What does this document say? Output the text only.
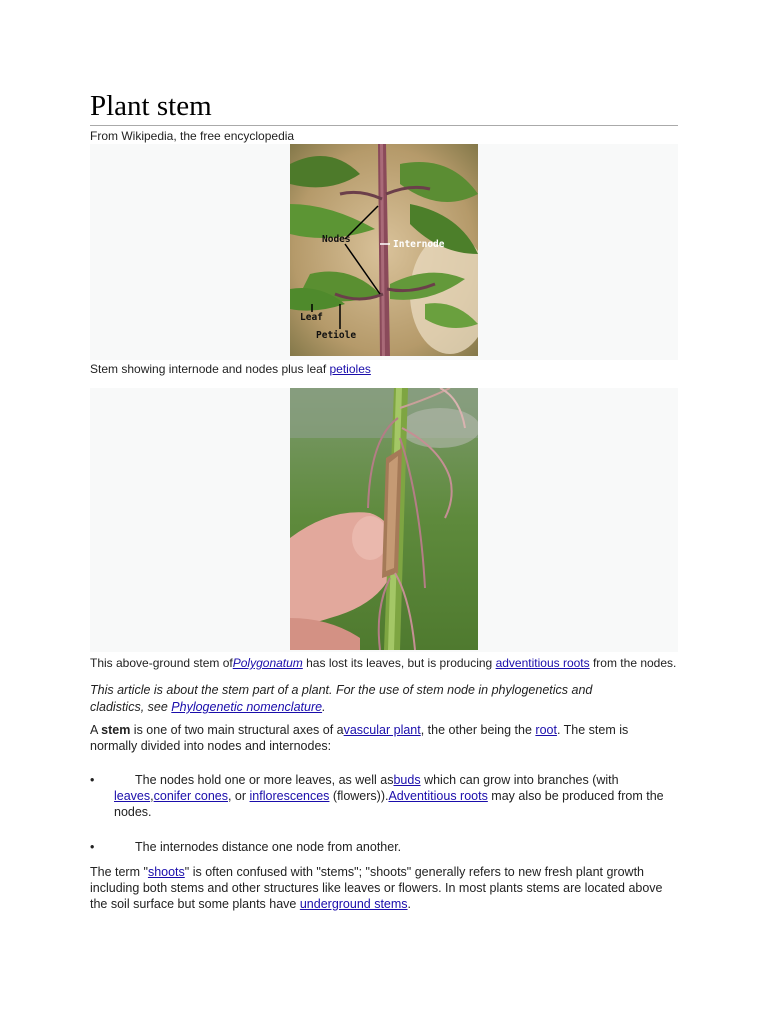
Plant stem
From Wikipedia, the free encyclopedia
Nodes	Internode
Leaf
Petiole
Stem showing internode and nodes plus leaf petioles
This above-ground stem ofPolygonatum has lost its leaves, but is producing adventitious roots from the nodes.
This article is about the stem part of a plant. For the use of stem node in phylogenetics and cladistics, see Phylogenetic nomenclature.
A stem is one of two main structural axes of avascular plant, the other being the root. The stem is normally divided into nodes and internodes:
•	The nodes hold one or more leaves, as well asbuds which can grow into branches (with leaves,conifer cones, or inflorescences (flowers)).Adventitious roots may also be produced from the nodes.
•	The internodes distance one node from another.
The term "shoots" is often confused with "stems"; "shoots" generally refers to new fresh plant growth including both stems and other structures like leaves or flowers. In most plants stems are located above the soil surface but some plants have underground stems.
